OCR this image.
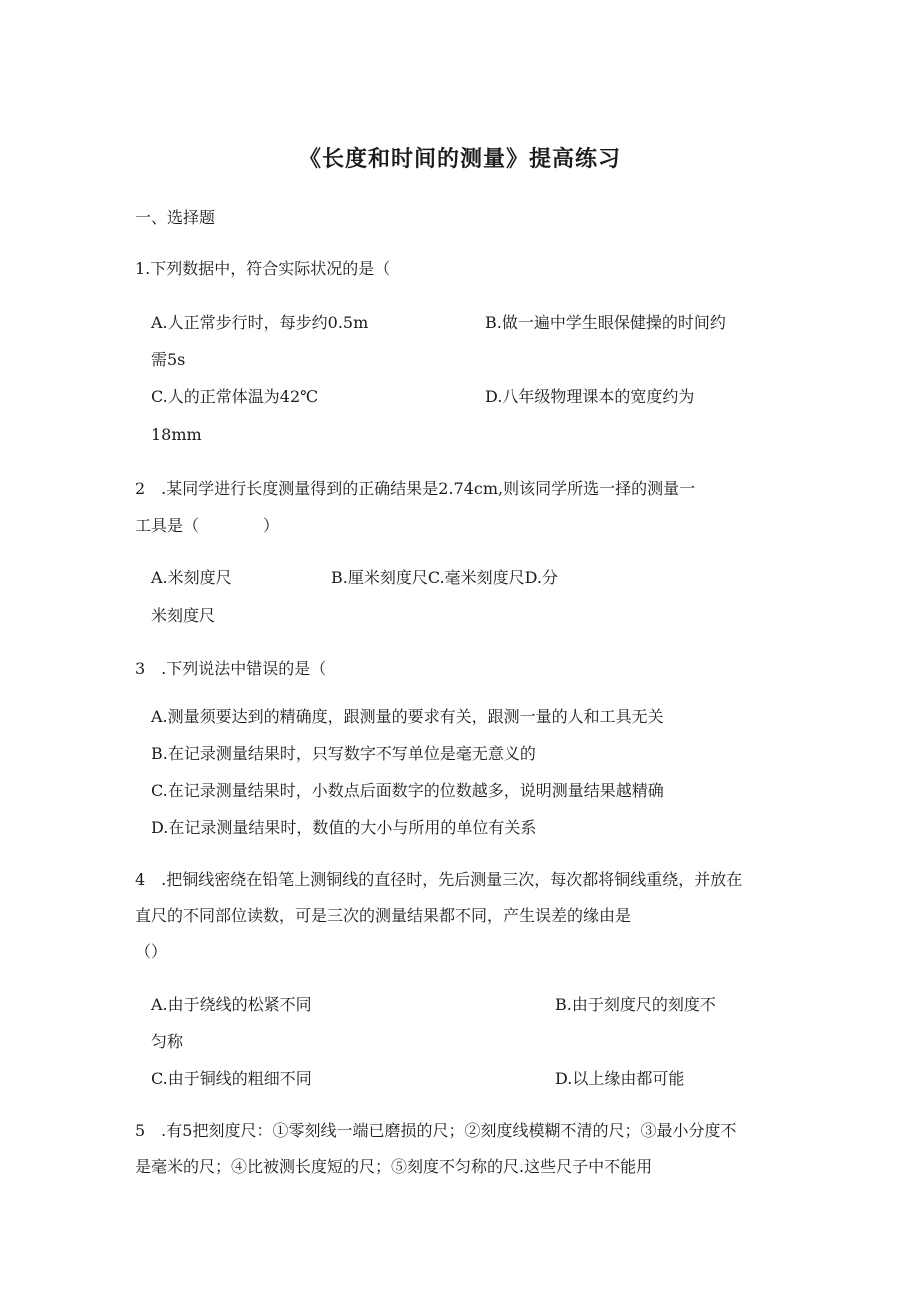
《长度和时间的测量》提高练习
一、选择题
1.下列数据中，符合实际状况的是（
A.人正常步行时，每步约0.5m	B.做一遍中学生眼保健操的时间约
需5s
C.人的正常体温为42℃	D.八年级物理课本的宽度约为
18mm
2　.某同学进行长度测量得到的正确结果是2.74cm,则该同学所选一择的测量一
工具是（　　　　）
A.米刻度尺	B.厘米刻度尺C.毫米刻度尺D.分
米刻度尺
3　.下列说法中错误的是（
A.测量须要达到的精确度，跟测量的要求有关，跟测一量的人和工具无关
B.在记录测量结果时，只写数字不写单位是毫无意义的
C.在记录测量结果时，小数点后面数字的位数越多，说明测量结果越精确
D.在记录测量结果时，数值的大小与所用的单位有关系
4　.把铜线密绕在铅笔上测铜线的直径时，先后测量三次，每次都将铜线重绕，并放在
直尺的不同部位读数，可是三次的测量结果都不同，产生误差的缘由是
（）
A.由于绕线的松紧不同	B.由于刻度尺的刻度不
匀称
C.由于铜线的粗细不同	D.以上缘由都可能
5　.有5把刻度尺：①零刻线一端已磨损的尺；②刻度线模糊不清的尺；③最小分度不
是毫米的尺；④比被测长度短的尺；⑤刻度不匀称的尺.这些尺子中不能用
